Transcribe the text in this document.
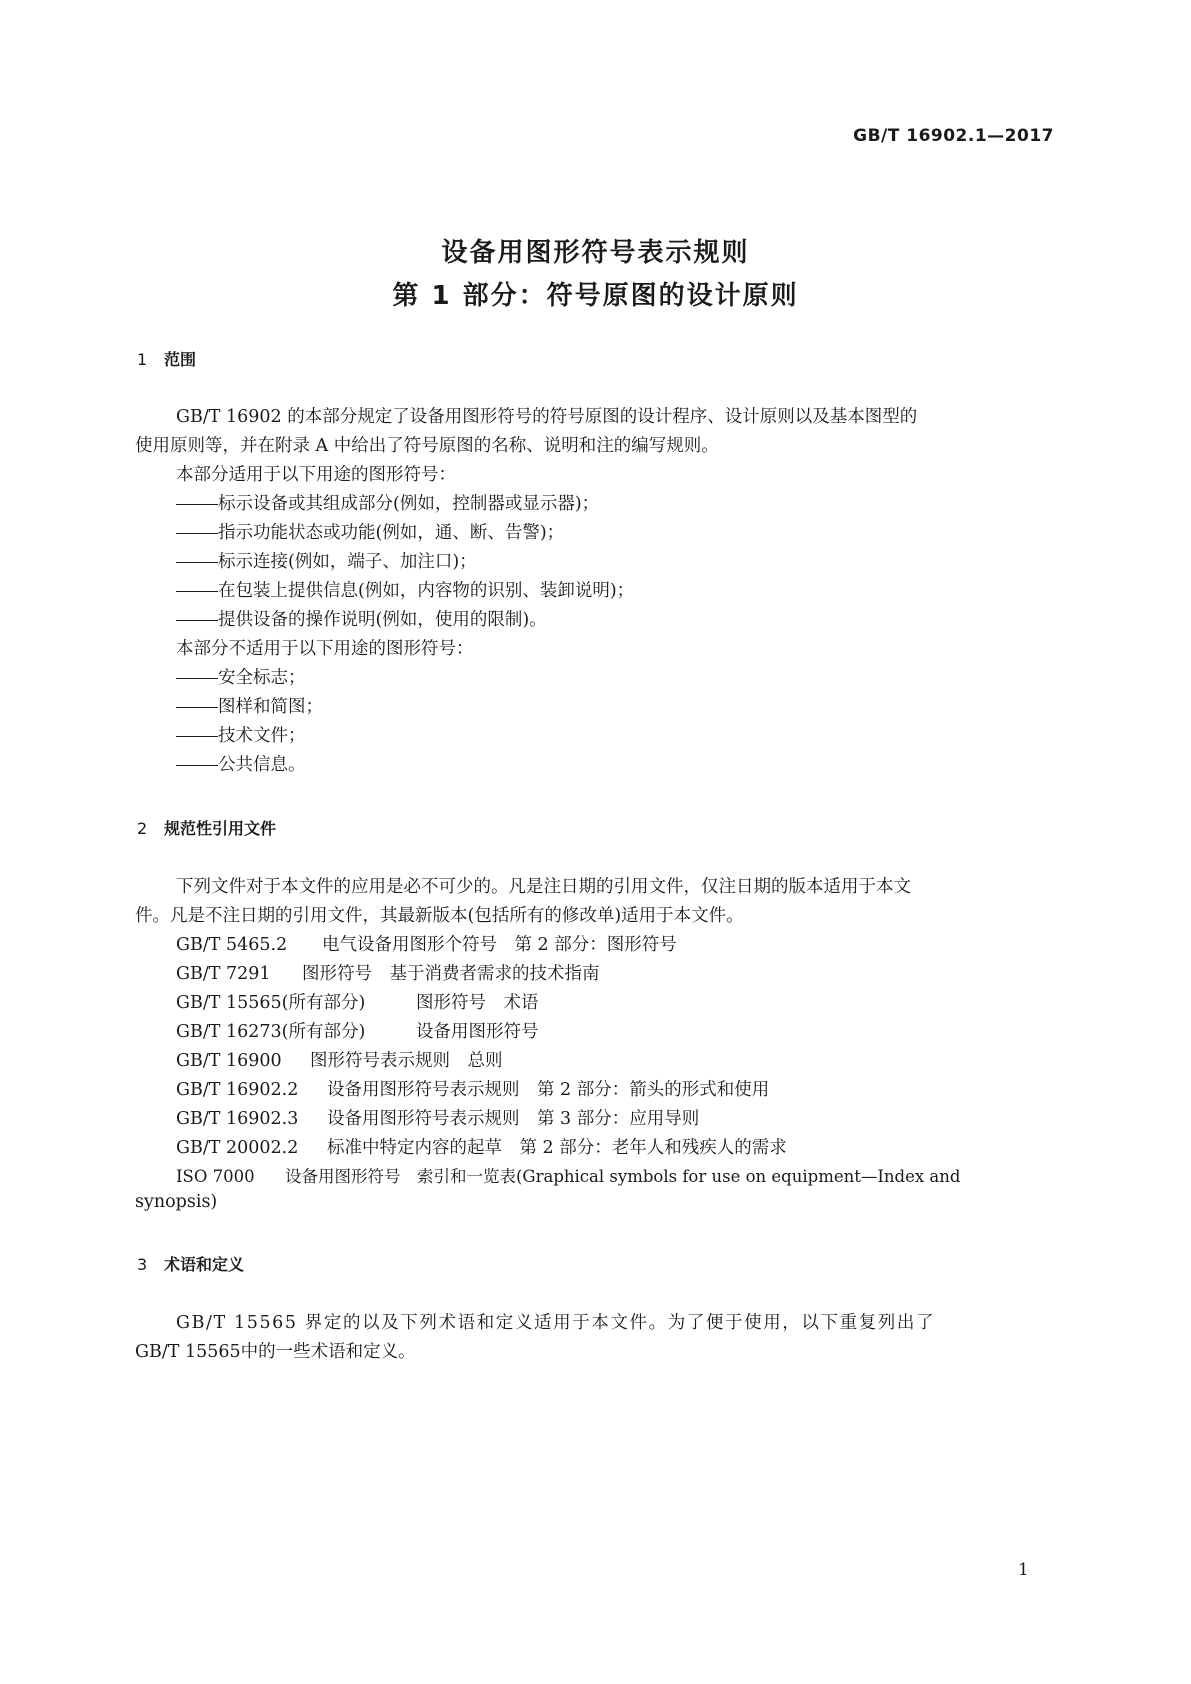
GB/T 16902.1—2017
设备用图形符号表示规则
第 1 部分：符号原图的设计原则
1 范围
GB/T 16902 的本部分规定了设备用图形符号的符号原图的设计程序、设计原则以及基本图型的
使用原则等，并在附录 A 中给出了符号原图的名称、说明和注的编写规则。
本部分适用于以下用途的图形符号：
标示设备或其组成部分(例如，控制器或显示器)；
指示功能状态或功能(例如，通、断、告警)；
标示连接(例如，端子、加注口)；
在包装上提供信息(例如，内容物的识别、装卸说明)；
提供设备的操作说明(例如，使用的限制)。
本部分不适用于以下用途的图形符号：
安全标志；
图样和简图；
技术文件；
公共信息。
2 规范性引用文件
下列文件对于本文件的应用是必不可少的。凡是注日期的引用文件，仅注日期的版本适用于本文
件。凡是不注日期的引用文件，其最新版本(包括所有的修改单)适用于本文件。
GB/T 5465.2 电气设备用图形个符号　第 2 部分：图形符号
GB/T 7291 图形符号　基于消费者需求的技术指南
GB/T 15565(所有部分)	图形符号　术语
GB/T 16273(所有部分)	设备用图形符号
GB/T 16900 图形符号表示规则　总则
GB/T 16902.2 设备用图形符号表示规则　第 2 部分：箭头的形式和使用
GB/T 16902.3 设备用图形符号表示规则　第 3 部分：应用导则
GB/T 20002.2 标准中特定内容的起草　第 2 部分：老年人和残疾人的需求
ISO 7000 设备用图形符号　索引和一览表(Graphical symbols for use on equipment—Index and
synopsis)
3 术语和定义
GB/T 15565 界定的以及下列术语和定义适用于本文件。为了便于使用，以下重复列出了
GB/T 15565中的一些术语和定义。
1
